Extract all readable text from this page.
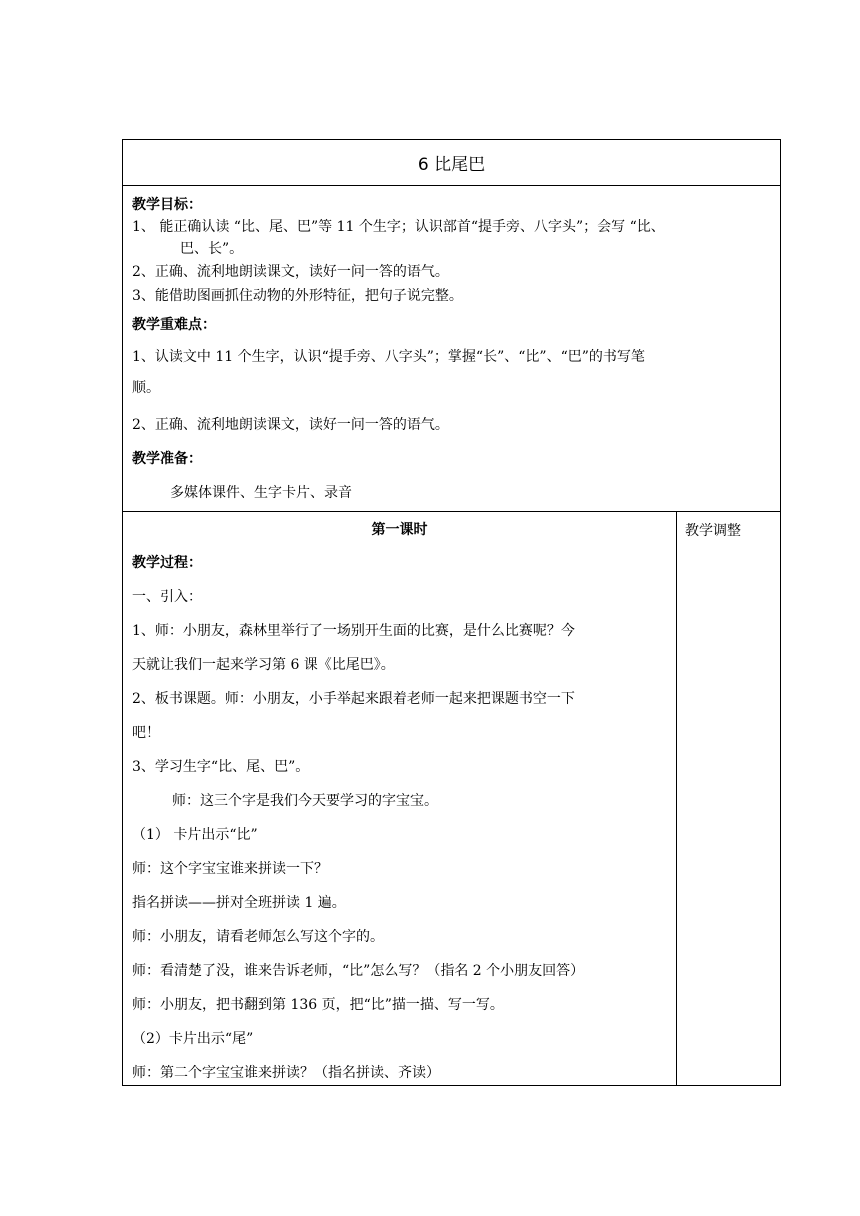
6 比尾巴
教学目标：
1、 能正确认读 “比、尾、巴”等 11 个生字；认识部首“提手旁、八字头”；会写 “比、
巴、长”。
2、正确、流利地朗读课文，读好一问一答的语气。
3、能借助图画抓住动物的外形特征，把句子说完整。
教学重难点：
1、认读文中 11 个生字，认识“提手旁、八字头”；掌握“长”、“比”、“巴”的书写笔
顺。
2、正确、流利地朗读课文，读好一问一答的语气。
教学准备：
多媒体课件、生字卡片、录音
第一课时
教学过程：
一、引入：
1、师：小朋友，森林里举行了一场别开生面的比赛，是什么比赛呢？今
天就让我们一起来学习第 6 课《比尾巴》。
2、板书课题。师：小朋友，小手举起来跟着老师一起来把课题书空一下
吧！
3、学习生字“比、尾、巴”。
师：这三个字是我们今天要学习的字宝宝。
（1） 卡片出示“比”
师：这个字宝宝谁来拼读一下？
指名拼读——拼对全班拼读 1 遍。
师：小朋友，请看老师怎么写这个字的。
师：看清楚了没，谁来告诉老师，“比”怎么写？（指名 2 个小朋友回答）
师：小朋友，把书翻到第 136 页，把“比”描一描、写一写。
（2）卡片出示“尾”
师：第二个字宝宝谁来拼读？（指名拼读、齐读）
教学调整
